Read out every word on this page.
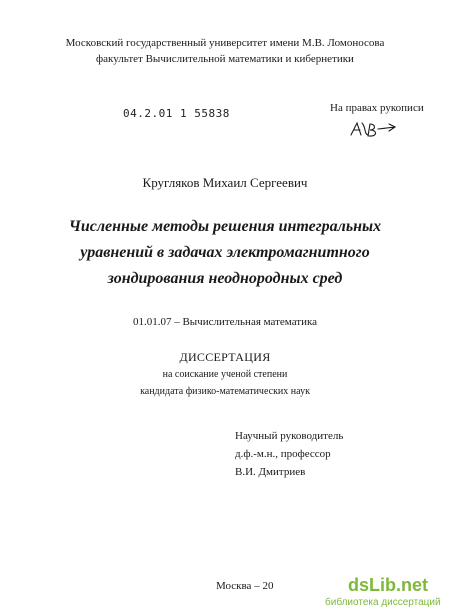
Московский государственный университет имени М.В. Ломоносова
факультет Вычислительной математики и кибернетики
04.2.01 1 55838	На правах рукописи
Кругляков Михаил Сергеевич
Численные методы решения интегральных
уравнений в задачах электромагнитного
зондирования неоднородных сред
01.01.07 – Вычислительная математика
ДИССЕРТАЦИЯ
на соискание ученой степени
кандидата физико-математических наук
Научный руководитель
д.ф.-м.н., профессор
В.И. Дмитриев
Москва – 20	dsLib.net
библиотека диссертаций
